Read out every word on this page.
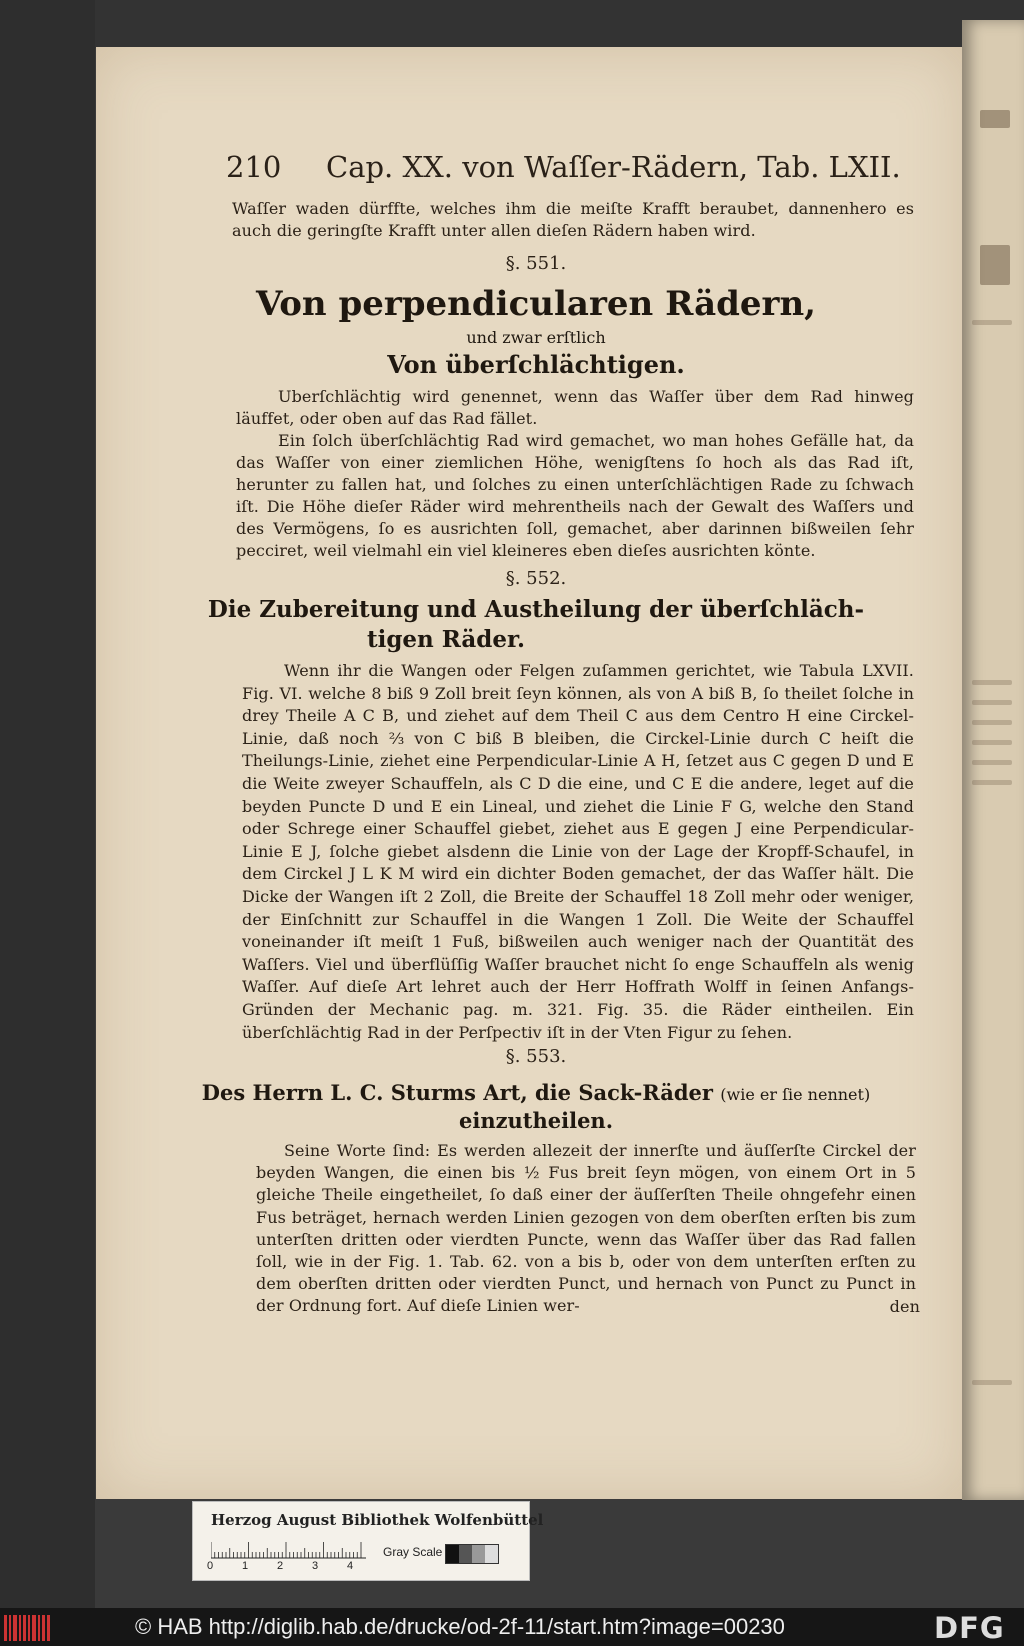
210 Cap. XX. von Waſſer-Rädern, Tab. LXII.
Waſſer waden dürffte, welches ihm die meiſte Krafft beraubet, dannenhero es auch die geringſte Krafft unter allen dieſen Rädern haben wird.
§. 551.
Von perpendicularen Rädern,
und zwar erſtlich
Von überſchlächtigen.
Uberſchlächtig wird genennet, wenn das Waſſer über dem Rad hinweg läuffet, oder oben auf das Rad fället.
Ein ſolch überſchlächtig Rad wird gemachet, wo man hohes Gefälle hat, da das Waſſer von einer ziemlichen Höhe, wenigſtens ſo hoch als das Rad iſt, herunter zu fallen hat, und ſolches zu einen unterſchlächtigen Rade zu ſchwach iſt. Die Höhe dieſer Räder wird mehrentheils nach der Gewalt des Waſſers und des Vermögens, ſo es ausrichten ſoll, gemachet, aber darinnen bißweilen ſehr pecciret, weil vielmahl ein viel kleineres eben dieſes ausrichten könte.
§. 552.
Die Zubereitung und Austheilung der überſchläch-
tigen Räder.
Wenn ihr die Wangen oder Felgen zuſammen gerichtet, wie Tabula LXVII. Fig. VI. welche 8 biß 9 Zoll breit ſeyn können, als von A biß B, ſo theilet ſolche in drey Theile A C B, und ziehet auf dem Theil C aus dem Centro H eine Circkel-Linie, daß noch ⅔ von C biß B bleiben, die Circkel-Linie durch C heiſt die Theilungs-Linie, ziehet eine Perpendicular-Linie A H, ſetzet aus C gegen D und E die Weite zweyer Schauffeln, als C D die eine, und C E die andere, leget auf die beyden Puncte D und E ein Lineal, und ziehet die Linie F G, welche den Stand oder Schrege einer Schauffel giebet, ziehet aus E gegen J eine Perpendicular-Linie E J, ſolche giebet alsdenn die Linie von der Lage der Kropff-Schaufel, in dem Circkel J L K M wird ein dichter Boden gemachet, der das Waſſer hält. Die Dicke der Wangen iſt 2 Zoll, die Breite der Schauffel 18 Zoll mehr oder weniger, der Einſchnitt zur Schauffel in die Wangen 1 Zoll. Die Weite der Schauffel voneinander iſt meiſt 1 Fuß, bißweilen auch weniger nach der Quantität des Waſſers. Viel und überflüſſig Waſſer brauchet nicht ſo enge Schauffeln als wenig Waſſer. Auf dieſe Art lehret auch der Herr Hoffrath Wolff in ſeinen Anfangs-Gründen der Mechanic pag. m. 321. Fig. 35. die Räder eintheilen. Ein überſchlächtig Rad in der Perſpectiv iſt in der Vten Figur zu ſehen.
§. 553.
Des Herrn L. C. Sturms Art, die Sack-Räder (wie er ſie nennet)
einzutheilen.
Seine Worte ſind: Es werden allezeit der innerſte und äuſſerſte Circkel der beyden Wangen, die einen bis ½ Fus breit ſeyn mögen, von einem Ort in 5 gleiche Theile eingetheilet, ſo daß einer der äuſſerſten Theile ohngefehr einen Fus beträget, hernach werden Linien gezogen von dem oberſten erſten bis zum unterſten dritten oder vierdten Puncte, wenn das Waſſer über das Rad fallen ſoll, wie in der Fig. 1. Tab. 62. von a bis b, oder von dem unterſten erſten zu dem oberſten dritten oder vierdten Punct, und hernach von Punct zu Punct in der Ordnung fort. Auf dieſe Linien wer-	den
Herzog August Bibliothek Wolfenbüttel
0	1	2	3	4
Gray Scale
© HAB http://diglib.hab.de/drucke/od-2f-11/start.htm?image=00230	DFG
